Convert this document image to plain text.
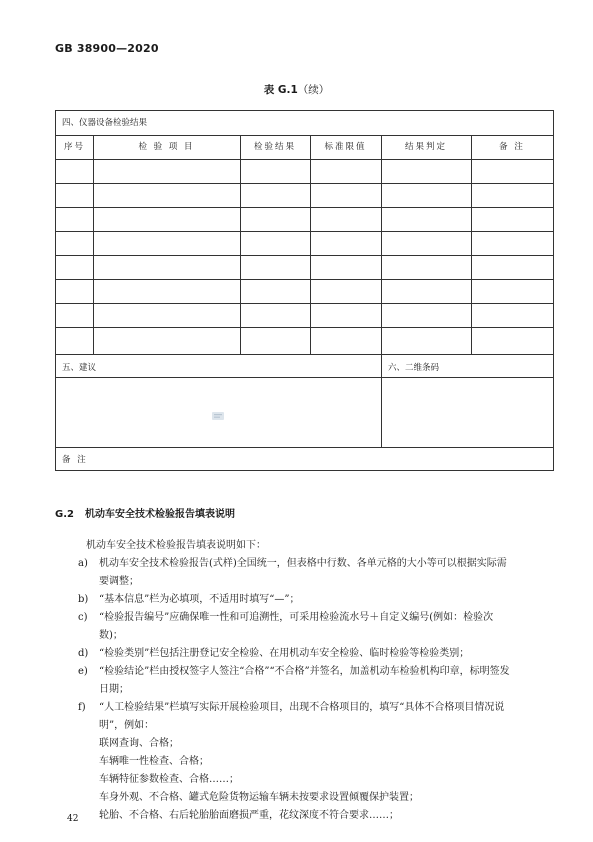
GB 38900—2020
表 G.1（续）
四、仪器设备检验结果
序号	检 验 项 目	检验结果	标准限值	结果判定	备 注
五、建议	六、二维条码
备 注
G.2 机动车安全技术检验报告填表说明
机动车安全技术检验报告填表说明如下：
a) 机动车安全技术检验报告(式样)全国统一，但表格中行数、各单元格的大小等可以根据实际需
要调整；
b) “基本信息”栏为必填项，不适用时填写“—”；
c) “检验报告编号”应确保唯一性和可追溯性，可采用检验流水号＋自定义编号(例如：检验次
数)；
d) “检验类别”栏包括注册登记安全检验、在用机动车安全检验、临时检验等检验类别；
e) “检验结论”栏由授权签字人签注“合格”“不合格”并签名，加盖机动车检验机构印章，标明签发
日期；
f) “人工检验结果”栏填写实际开展检验项目，出现不合格项目的，填写“具体不合格项目情况说
明”，例如：
联网查询、合格；
车辆唯一性检查、合格；
车辆特征参数检查、合格……；
车身外观、不合格、罐式危险货物运输车辆未按要求设置倾覆保护装置；
轮胎、不合格、右后轮胎胎面磨损严重，花纹深度不符合要求……；
42
